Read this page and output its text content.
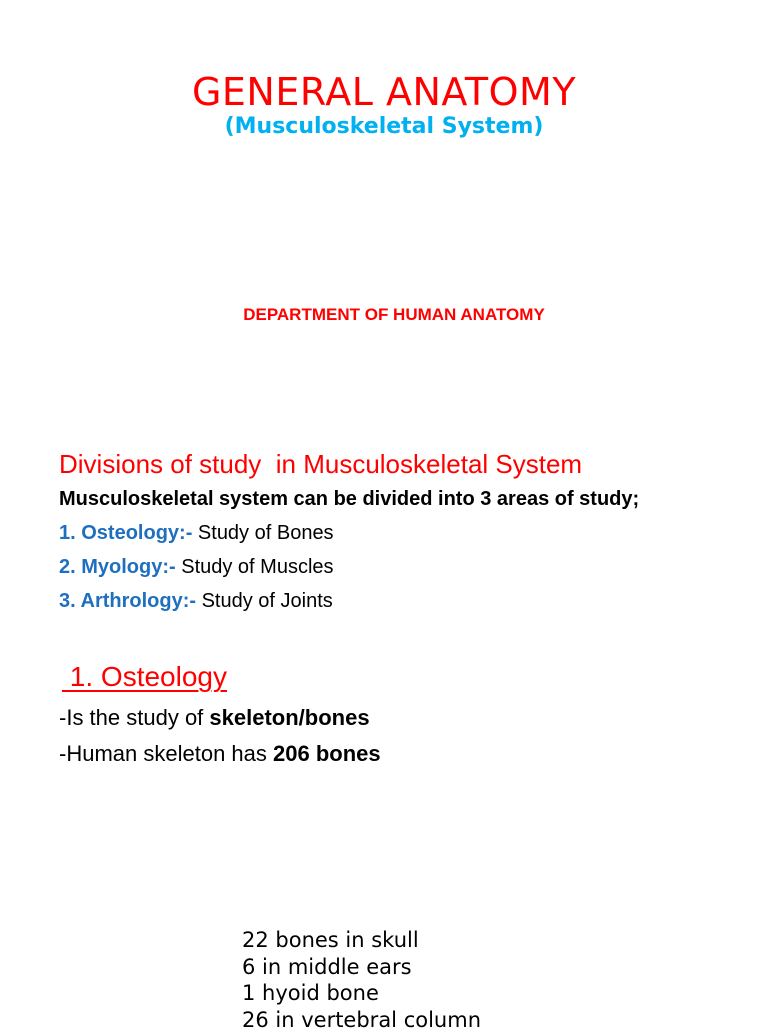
GENERAL ANATOMY
(Musculoskeletal System)
DEPARTMENT OF HUMAN ANATOMY
Divisions of study  in Musculoskeletal System
Musculoskeletal system can be divided into 3 areas of study;
1. Osteology:- Study of Bones
2. Myology:- Study of Muscles
3. Arthrology:- Study of Joints
1. Osteology
-Is the study of skeleton/bones
-Human skeleton has 206 bones
22 bones in skull
6 in middle ears
1 hyoid bone
26 in vertebral column
